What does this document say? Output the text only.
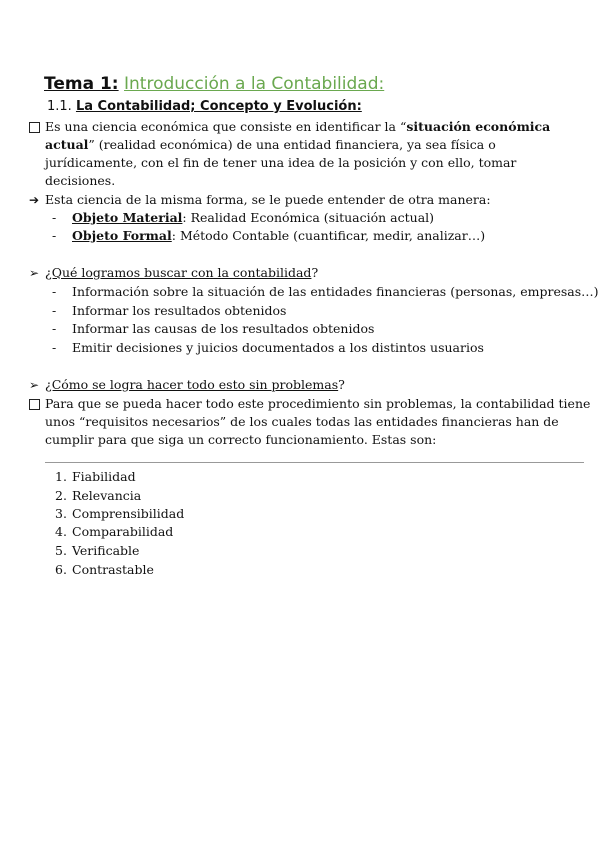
Tema 1: Introducción a la Contabilidad:
1.1. La Contabilidad; Concepto y Evolución:
Es una ciencia económica que consiste en identificar la “situación económica actual” (realidad económica) de una entidad financiera, ya sea física o jurídicamente, con el fin de tener una idea de la posición y con ello, tomar decisiones.
➔ Esta ciencia de la misma forma, se le puede entender de otra manera:
- Objeto Material: Realidad Económica (situación actual)
- Objeto Formal: Método Contable (cuantificar, medir, analizar…)
➢ ¿Qué logramos buscar con la contabilidad?
- Información sobre la situación de las entidades financieras (personas, empresas…)
- Informar los resultados obtenidos
- Informar las causas de los resultados obtenidos
- Emitir decisiones y juicios documentados a los distintos usuarios
➢ ¿Cómo se logra hacer todo esto sin problemas?
Para que se pueda hacer todo este procedimiento sin problemas, la contabilidad tiene
unos “requisitos necesarios” de los cuales todas las entidades financieras han de
cumplir para que siga un correcto funcionamiento. Estas son:
1. Fiabilidad
2. Relevancia
3. Comprensibilidad
4. Comparabilidad
5. Verificable
6. Contrastable
